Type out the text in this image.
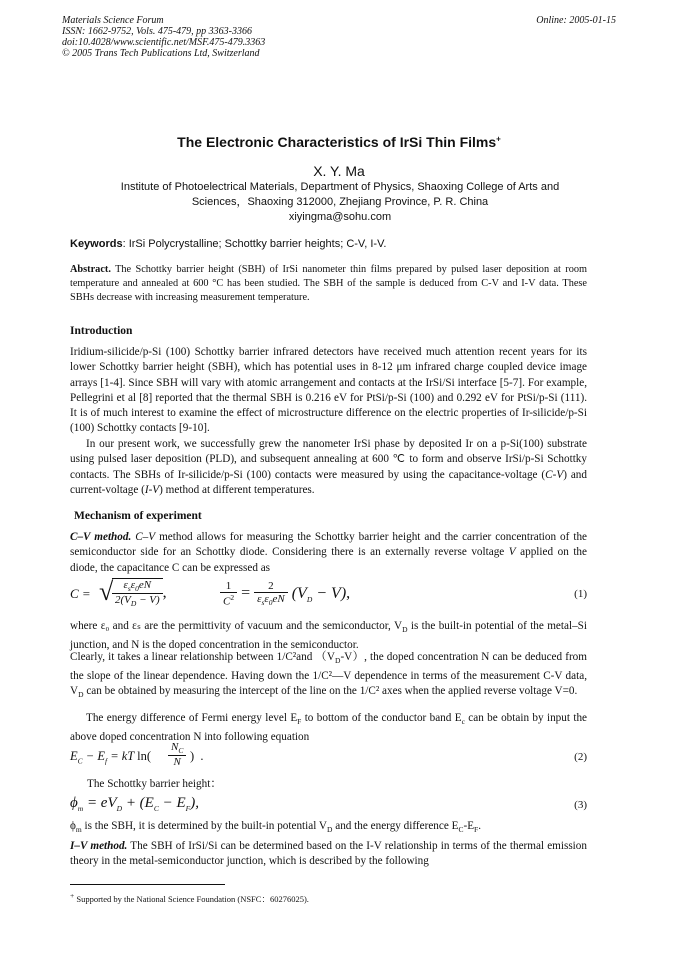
Materials Science Forum
ISSN: 1662-9752, Vols. 475-479, pp 3363-3366
doi:10.4028/www.scientific.net/MSF.475-479.3363
© 2005 Trans Tech Publications Ltd, Switzerland
Online: 2005-01-15
The Electronic Characteristics of IrSi Thin Films+
X. Y. Ma
Institute of Photoelectrical Materials, Department of Physics, Shaoxing College of Arts and
Sciences，Shaoxing 312000, Zhejiang Province, P. R. China
xiyingma@sohu.com
Keywords: IrSi Polycrystalline; Schottky barrier heights; C-V, I-V.
Abstract. The Schottky barrier height (SBH) of IrSi nanometer thin films prepared by pulsed laser deposition at room temperature and annealed at 600 °C has been studied. The SBH of the sample is deduced from C-V and I-V data. These SBHs decrease with increasing measurement temperature.
Introduction
Iridium-silicide/p-Si (100) Schottky barrier infrared detectors have received much attention recent years for its lower Schottky barrier height (SBH), which has potential uses in 8-12 μm infrared charge coupled device image arrays [1-4]. Since SBH will vary with atomic arrangement and contacts at the IrSi/Si interface [5-7]. For example, Pellegrini et al [8] reported that the thermal SBH is 0.216 eV for PtSi/p-Si (100) and 0.292 eV for PtSi/p-Si (111). It is of much interest to examine the effect of microstructure difference on the electric properties of Ir-silicide/p-Si (100) Schottky contacts [9-10].
In our present work, we successfully grew the nanometer IrSi phase by deposited Ir on a p-Si(100) substrate using pulsed laser deposition (PLD), and subsequent annealing at 600 ℃ to form and observe IrSi/p-Si Schottky contacts. The SBHs of Ir-silicide/p-Si (100) contacts were measured by using the capacitance-voltage (C-V) and current-voltage (I-V) method at different temperatures.
Mechanism of experiment
C–V method. C–V method allows for measuring the Schottky barrier height and the carrier concentration of the semiconductor side for an Schottky diode. Considering there is an externally reverse voltage V applied on the diode, the capacitance C can be expressed as
C =
√ $\frac{\varepsilon_s\varepsilon_0eN}{2(V_D - V)}$ ,	$\frac{1}{C^2} = \frac{2}{\varepsilon_s\varepsilon_0eN} (V_D - V)$,	(1)
where ε₀ and εₛ are the permittivity of vacuum and the semiconductor, $V_D$ is the built-in potential of the metal–Si junction, and N is the doped concentration in the semiconductor.
Clearly, it takes a linear relationship between 1/C²and $(V_D-V)$, the doped concentration N can be deduced from the slope of the linear dependence. Having down the 1/C²—V dependence in terms of the measurement C-V data, $V_D$ can be obtained by measuring the intercept of the line on the 1/C² axes when the applied reverse voltage V=0.
The energy difference of Fermi energy level $E_F$ to bottom of the conductor band $E_c$ can be obtain by input the above doped concentration N into following equation
$E_C - E_f$ = kT $\ln( \frac{N_C}{N}$ )  .	(2)
The Schottky barrier height：
$\phi_m = eV_D + (E_C - E_F)$,	(3)
$\phi_m$ is the SBH, it is determined by the built-in potential $V_D$ and the energy difference $E_C-E_F$.
I–V method. The SBH of IrSi/Si can be determined based on the I-V relationship in terms of the thermal emission theory in the metal-semiconductor junction, which is described by the following
+ Supported by the National Science Foundation (NSFC：60276025).
